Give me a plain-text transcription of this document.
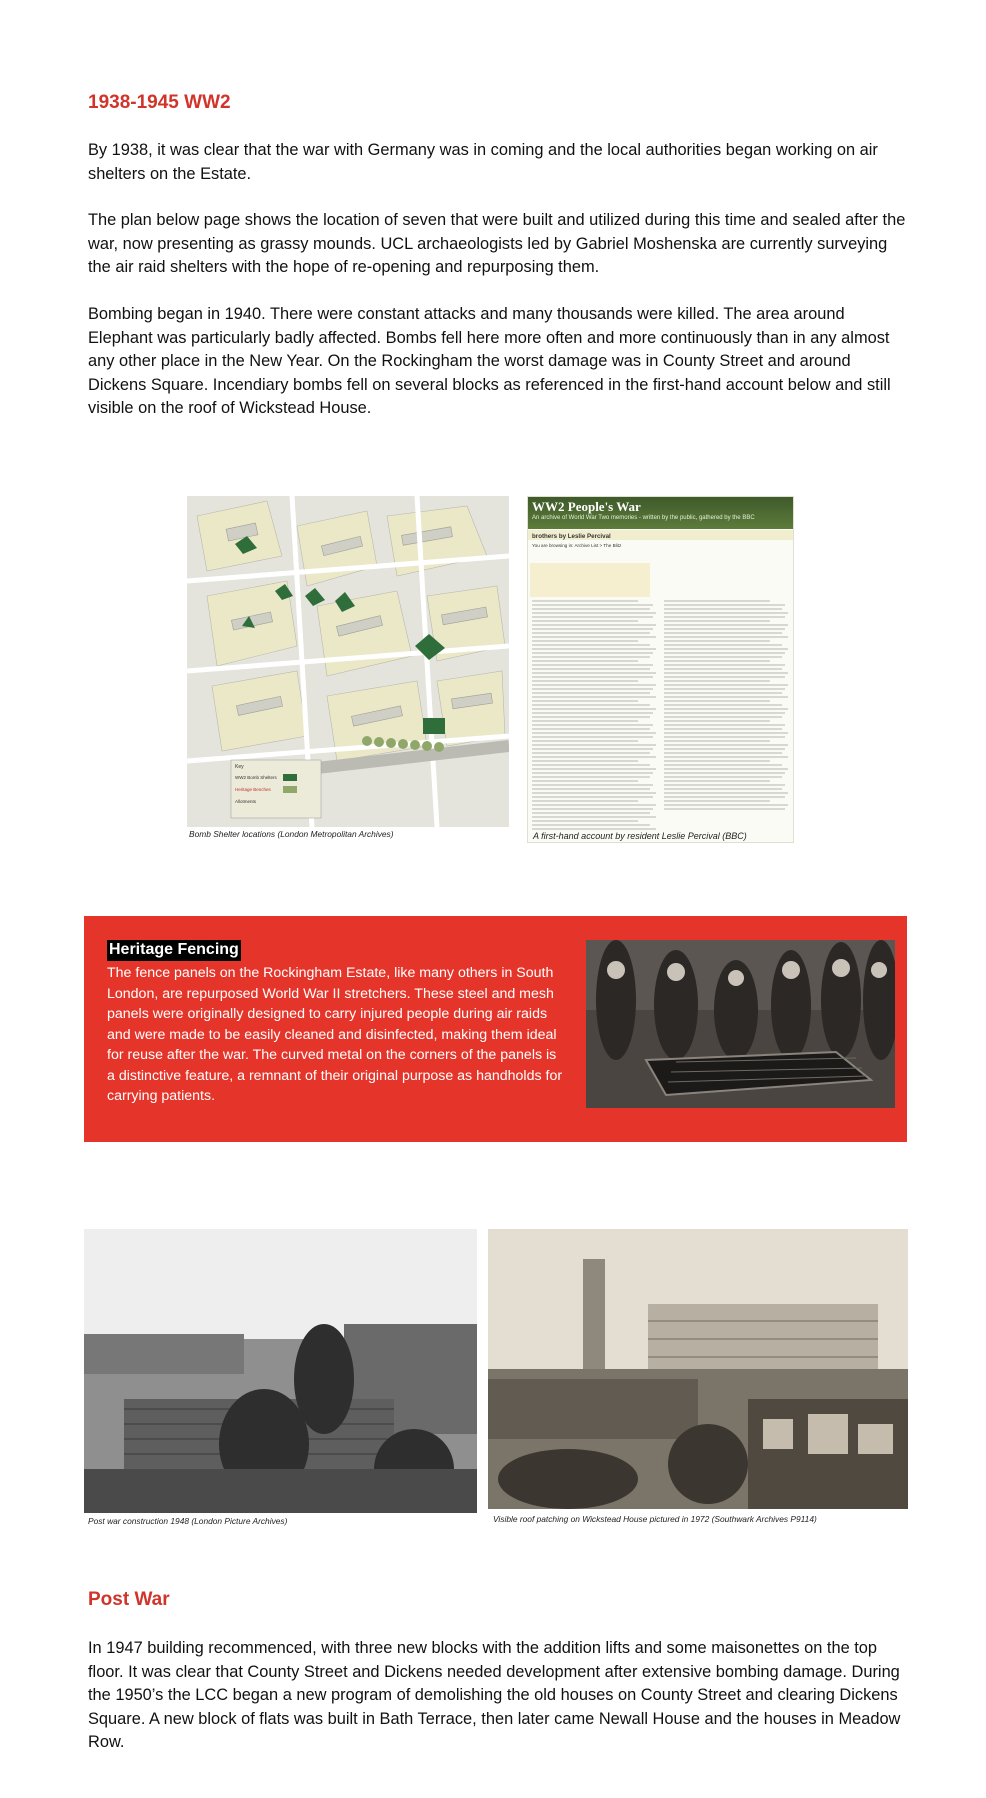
1938-1945 WW2

By 1938, it was clear that the war with Germany was in coming and the local authorities began working on air shelters on the Estate.

The plan below page shows the location of seven that were built and utilized during this time and sealed after the war, now presenting as grassy mounds. UCL archaeologists led by Gabriel Moshenska are currently surveying the air raid shelters with the hope of re-opening and repurposing them.

Bombing began in 1940. There were constant attacks and many thousands were killed. The area around Elephant was particularly badly affected. Bombs fell here more often and more continuously than in any almost any other place in the New Year. On the Rockingham the worst damage was in County Street and around Dickens Square. Incendiary bombs fell on several blocks as referenced in the first-hand account below and still visible on the roof of Wickstead House.

Key
WW2 Bomb Shelters
Heritage Benches
Allotments

Bomb Shelter locations (London Metropolitan Archives)

WW2 People's War
An archive of World War Two memories - written by the public, gathered by the BBC
brothers by Leslie Percival
You are browsing in: Archive List > The Blitz

A first-hand account by resident Leslie Percival (BBC)

Heritage Fencing

The fence panels on the Rockingham Estate, like many others in South London, are repurposed World War II stretchers. These steel and mesh panels were originally designed to carry injured people during air raids and were made to be easily cleaned and disinfected, making them ideal for reuse after the war. The curved metal on the corners of the panels is a distinctive feature, a remnant of their original purpose as handholds for carrying patients.

Post war construction 1948 (London Picture Archives)	Visible roof patching on Wickstead House pictured in 1972 (Southwark Archives P9114)

Post War

In 1947 building recommenced, with three new blocks with the addition lifts and some maisonettes on the top floor. It was clear that County Street and Dickens needed development after extensive bombing damage. During the 1950’s the LCC began a new program of demolishing the old houses on County Street and clearing Dickens Square. A new block of flats was built in Bath Terrace, then later came Newall House and the houses in Meadow Row.
